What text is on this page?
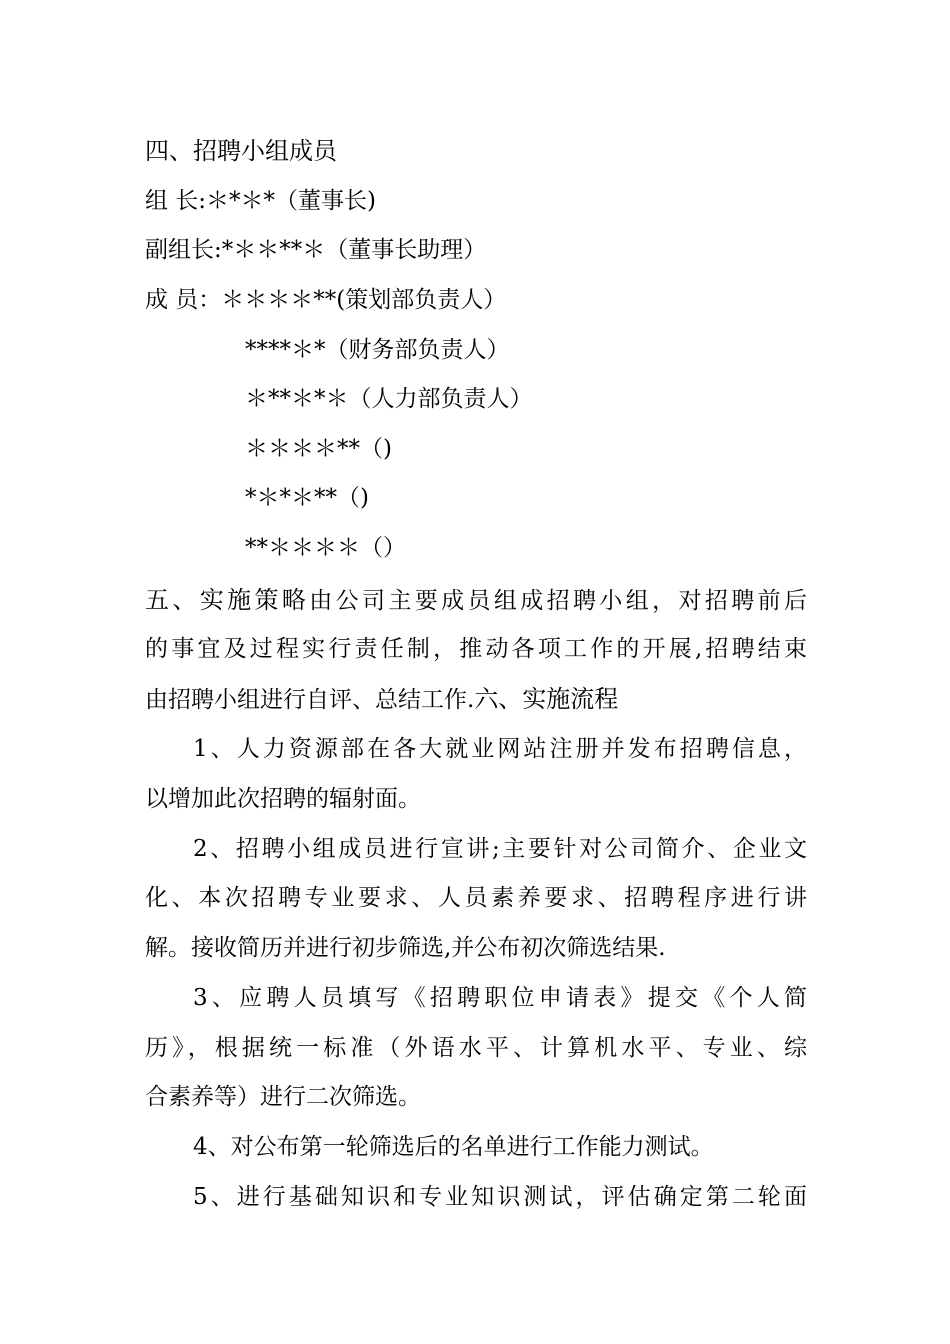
四、招聘小组成员
组 长:＊*＊*（董事长)
副组长:*＊＊**＊（董事长助理）
成 员：＊＊＊＊**(策划部负责人）
****＊*（财务部负责人）
＊**＊*＊（人力部负责人）
＊＊＊＊**（)
*＊*＊**（)
**＊＊＊＊（）
五、实施策略由公司主要成员组成招聘小组，对招聘前后
的事宜及过程实行责任制，推动各项工作的开展,招聘结束
由招聘小组进行自评、总结工作.六、实施流程
1、人力资源部在各大就业网站注册并发布招聘信息，
以增加此次招聘的辐射面。
2、招聘小组成员进行宣讲;主要针对公司简介、企业文
化、本次招聘专业要求、人员素养要求、招聘程序进行讲
解。接收简历并进行初步筛选,并公布初次筛选结果.
3、应聘人员填写《招聘职位申请表》提交《个人简
历》，根据统一标准（外语水平、计算机水平、专业、综
合素养等）进行二次筛选。
4、对公布第一轮筛选后的名单进行工作能力测试。
5、进行基础知识和专业知识测试，评估确定第二轮面
